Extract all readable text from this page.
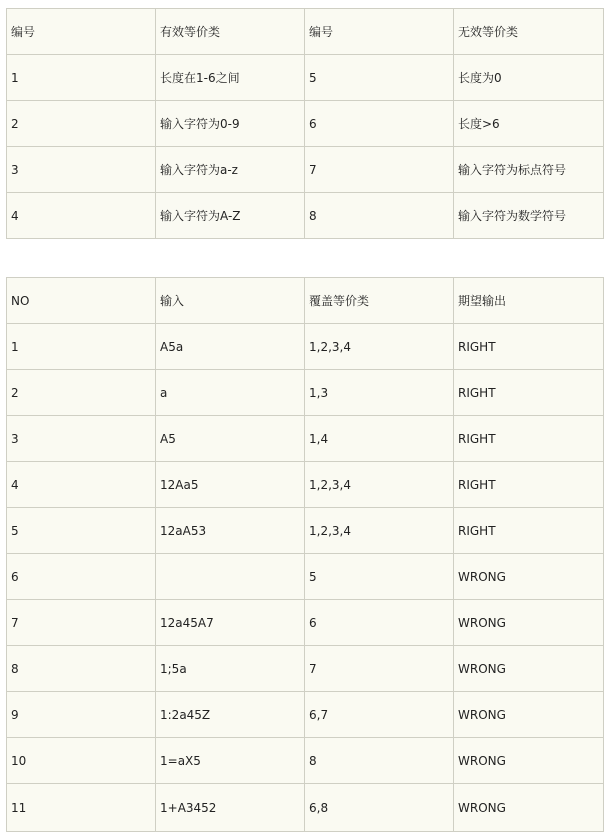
编号	有效等价类	编号	无效等价类
1	长度在1-6之间	5	长度为0
2	输入字符为0-9	6	长度>6
3	输入字符为a-z	7	输入字符为标点符号
4	输入字符为A-Z	8	输入字符为数学符号
NO	输入	覆盖等价类	期望输出
1	A5a	1,2,3,4	RIGHT
2	a	1,3	RIGHT
3	A5	1,4	RIGHT
4	12Aa5	1,2,3,4	RIGHT
5	12aA53	1,2,3,4	RIGHT
6		5	WRONG
7	12a45A7	6	WRONG
8	1;5a	7	WRONG
9	1:2a45Z	6,7	WRONG
10	1=aX5	8	WRONG
11	1+A3452	6,8	WRONG
